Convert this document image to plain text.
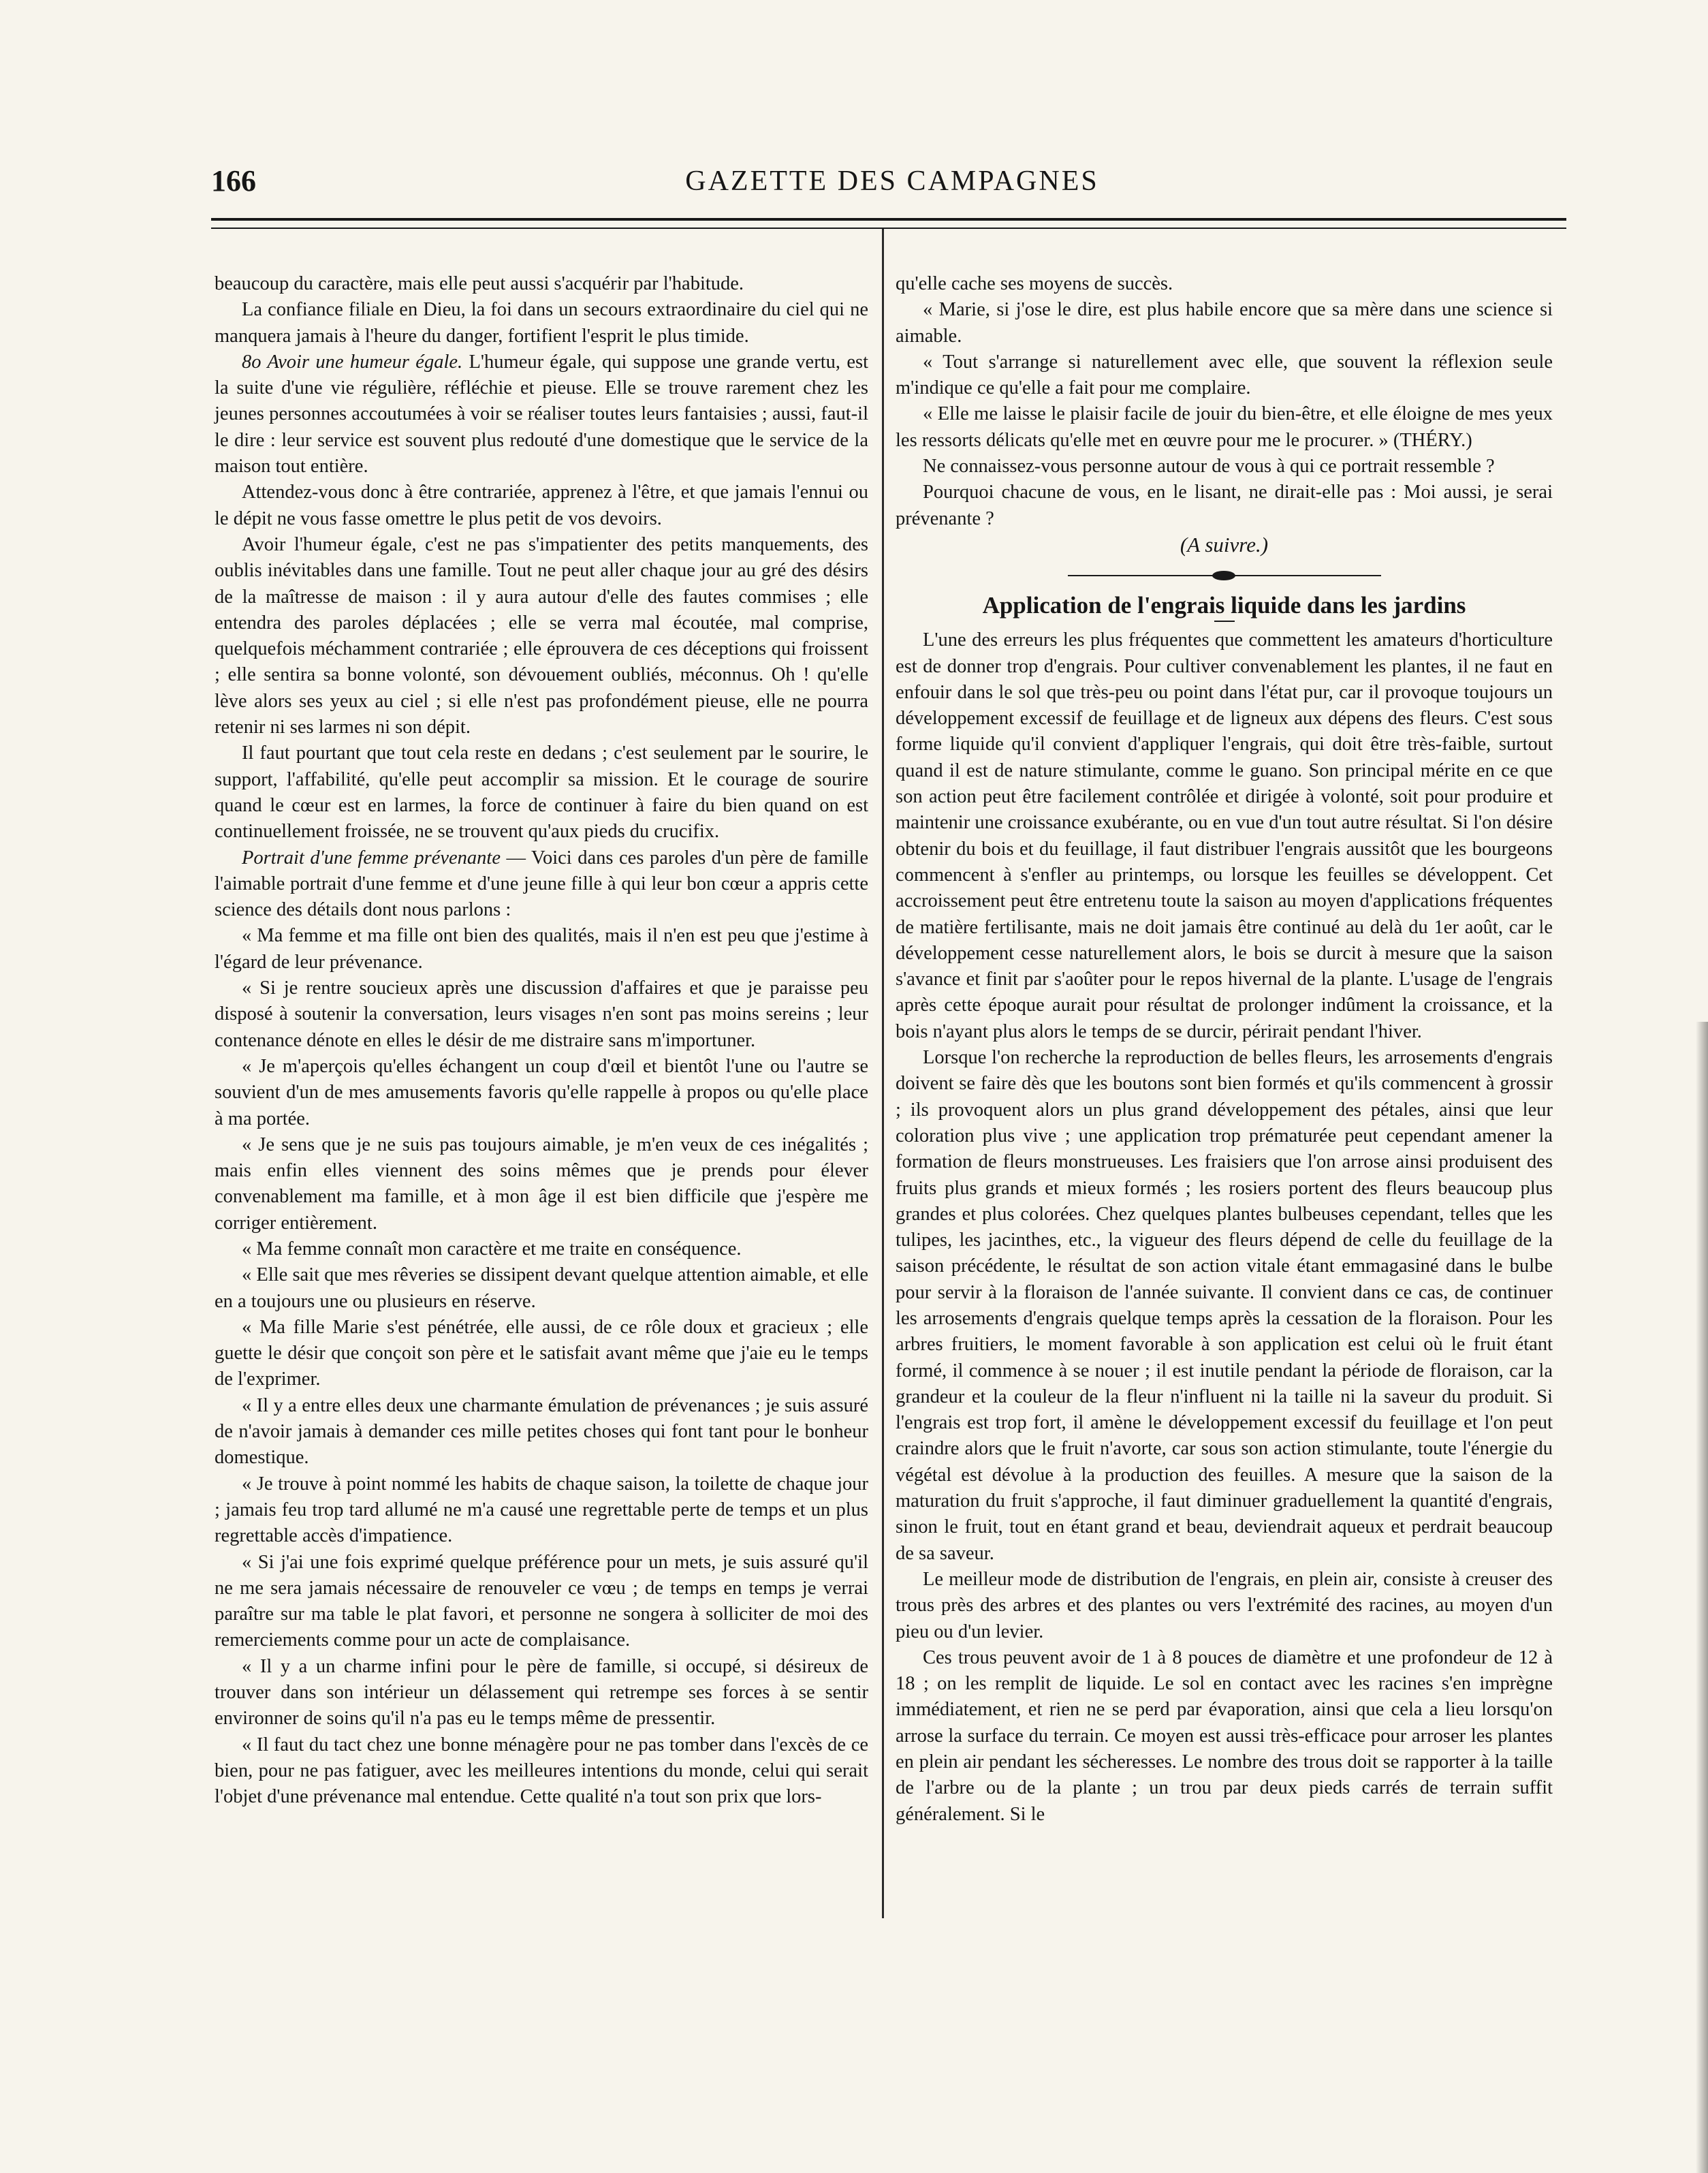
166	GAZETTE DES CAMPAGNES

beaucoup du caractère, mais elle peut aussi s'acquérir par l'habitude.

La confiance filiale en Dieu, la foi dans un secours extraordinaire du ciel qui ne manquera jamais à l'heure du danger, fortifient l'esprit le plus timide.

8o Avoir une humeur égale. L'humeur égale, qui suppose une grande vertu, est la suite d'une vie régulière, réfléchie et pieuse. Elle se trouve rarement chez les jeunes personnes accoutumées à voir se réaliser toutes leurs fantaisies ; aussi, faut-il le dire : leur service est souvent plus redouté d'une domestique que le service de la maison tout entière.

Attendez-vous donc à être contrariée, apprenez à l'être, et que jamais l'ennui ou le dépit ne vous fasse omettre le plus petit de vos devoirs.

Avoir l'humeur égale, c'est ne pas s'impatienter des petits manquements, des oublis inévitables dans une famille. Tout ne peut aller chaque jour au gré des désirs de la maîtresse de maison : il y aura autour d'elle des fautes commises ; elle entendra des paroles déplacées ; elle se verra mal écoutée, mal comprise, quelquefois méchamment contrariée ; elle éprouvera de ces déceptions qui froissent ; elle sentira sa bonne volonté, son dévouement oubliés, méconnus. Oh ! qu'elle lève alors ses yeux au ciel ; si elle n'est pas profondément pieuse, elle ne pourra retenir ni ses larmes ni son dépit.

Il faut pourtant que tout cela reste en dedans ; c'est seulement par le sourire, le support, l'affabilité, qu'elle peut accomplir sa mission. Et le courage de sourire quand le cœur est en larmes, la force de continuer à faire du bien quand on est continuellement froissée, ne se trouvent qu'aux pieds du crucifix.

Portrait d'une femme prévenante — Voici dans ces paroles d'un père de famille l'aimable portrait d'une femme et d'une jeune fille à qui leur bon cœur a appris cette science des détails dont nous parlons :

« Ma femme et ma fille ont bien des qualités, mais il n'en est peu que j'estime à l'égard de leur prévenance.

« Si je rentre soucieux après une discussion d'affaires et que je paraisse peu disposé à soutenir la conversation, leurs visages n'en sont pas moins sereins ; leur contenance dénote en elles le désir de me distraire sans m'importuner.

« Je m'aperçois qu'elles échangent un coup d'œil et bientôt l'une ou l'autre se souvient d'un de mes amusements favoris qu'elle rappelle à propos ou qu'elle place à ma portée.

« Je sens que je ne suis pas toujours aimable, je m'en veux de ces inégalités ; mais enfin elles viennent des soins mêmes que je prends pour élever convenablement ma famille, et à mon âge il est bien difficile que j'espère me corriger entièrement.

« Ma femme connaît mon caractère et me traite en conséquence.

« Elle sait que mes rêveries se dissipent devant quelque attention aimable, et elle en a toujours une ou plusieurs en réserve.

« Ma fille Marie s'est pénétrée, elle aussi, de ce rôle doux et gracieux ; elle guette le désir que conçoit son père et le satisfait avant même que j'aie eu le temps de l'exprimer.

« Il y a entre elles deux une charmante émulation de prévenances ; je suis assuré de n'avoir jamais à demander ces mille petites choses qui font tant pour le bonheur domestique.

« Je trouve à point nommé les habits de chaque saison, la toilette de chaque jour ; jamais feu trop tard allumé ne m'a causé une regrettable perte de temps et un plus regrettable accès d'impatience.

« Si j'ai une fois exprimé quelque préférence pour un mets, je suis assuré qu'il ne me sera jamais nécessaire de renouveler ce vœu ; de temps en temps je verrai paraître sur ma table le plat favori, et personne ne songera à solliciter de moi des remerciements comme pour un acte de complaisance.

« Il y a un charme infini pour le père de famille, si occupé, si désireux de trouver dans son intérieur un délassement qui retrempe ses forces à se sentir environner de soins qu'il n'a pas eu le temps même de pressentir.

« Il faut du tact chez une bonne ménagère pour ne pas tomber dans l'excès de ce bien, pour ne pas fatiguer, avec les meilleures intentions du monde, celui qui serait l'objet d'une prévenance mal entendue. Cette qualité n'a tout son prix que lors-

qu'elle cache ses moyens de succès.

« Marie, si j'ose le dire, est plus habile encore que sa mère dans une science si aimable.

« Tout s'arrange si naturellement avec elle, que souvent la réflexion seule m'indique ce qu'elle a fait pour me complaire.

« Elle me laisse le plaisir facile de jouir du bien-être, et elle éloigne de mes yeux les ressorts délicats qu'elle met en œuvre pour me le procurer. » (THÉRY.)

Ne connaissez-vous personne autour de vous à qui ce portrait ressemble ?

Pourquoi chacune de vous, en le lisant, ne dirait-elle pas : Moi aussi, je serai prévenante ?

(A suivre.)

Application de l'engrais liquide dans les jardins

L'une des erreurs les plus fréquentes que commettent les amateurs d'horticulture est de donner trop d'engrais. Pour cultiver convenablement les plantes, il ne faut en enfouir dans le sol que très-peu ou point dans l'état pur, car il provoque toujours un développement excessif de feuillage et de ligneux aux dépens des fleurs. C'est sous forme liquide qu'il convient d'appliquer l'engrais, qui doit être très-faible, surtout quand il est de nature stimulante, comme le guano. Son principal mérite en ce que son action peut être facilement contrôlée et dirigée à volonté, soit pour produire et maintenir une croissance exubérante, ou en vue d'un tout autre résultat. Si l'on désire obtenir du bois et du feuillage, il faut distribuer l'engrais aussitôt que les bourgeons commencent à s'enfler au printemps, ou lorsque les feuilles se développent. Cet accroissement peut être entretenu toute la saison au moyen d'applications fréquentes de matière fertilisante, mais ne doit jamais être continué au delà du 1er août, car le développement cesse naturellement alors, le bois se durcit à mesure que la saison s'avance et finit par s'aoûter pour le repos hivernal de la plante. L'usage de l'engrais après cette époque aurait pour résultat de prolonger indûment la croissance, et la bois n'ayant plus alors le temps de se durcir, périrait pendant l'hiver.

Lorsque l'on recherche la reproduction de belles fleurs, les arrosements d'engrais doivent se faire dès que les boutons sont bien formés et qu'ils commencent à grossir ; ils provoquent alors un plus grand développement des pétales, ainsi que leur coloration plus vive ; une application trop prématurée peut cependant amener la formation de fleurs monstrueuses. Les fraisiers que l'on arrose ainsi produisent des fruits plus grands et mieux formés ; les rosiers portent des fleurs beaucoup plus grandes et plus colorées. Chez quelques plantes bulbeuses cependant, telles que les tulipes, les jacinthes, etc., la vigueur des fleurs dépend de celle du feuillage de la saison précédente, le résultat de son action vitale étant emmagasiné dans le bulbe pour servir à la floraison de l'année suivante. Il convient dans ce cas, de continuer les arrosements d'engrais quelque temps après la cessation de la floraison. Pour les arbres fruitiers, le moment favorable à son application est celui où le fruit étant formé, il commence à se nouer ; il est inutile pendant la période de floraison, car la grandeur et la couleur de la fleur n'influent ni la taille ni la saveur du produit. Si l'engrais est trop fort, il amène le développement excessif du feuillage et l'on peut craindre alors que le fruit n'avorte, car sous son action stimulante, toute l'énergie du végétal est dévolue à la production des feuilles. A mesure que la saison de la maturation du fruit s'approche, il faut diminuer graduellement la quantité d'engrais, sinon le fruit, tout en étant grand et beau, deviendrait aqueux et perdrait beaucoup de sa saveur.

Le meilleur mode de distribution de l'engrais, en plein air, consiste à creuser des trous près des arbres et des plantes ou vers l'extrémité des racines, au moyen d'un pieu ou d'un levier.

Ces trous peuvent avoir de 1 à 8 pouces de diamètre et une profondeur de 12 à 18 ; on les remplit de liquide. Le sol en contact avec les racines s'en imprègne immédiatement, et rien ne se perd par évaporation, ainsi que cela a lieu lorsqu'on arrose la surface du terrain. Ce moyen est aussi très-efficace pour arroser les plantes en plein air pendant les sécheresses. Le nombre des trous doit se rapporter à la taille de l'arbre ou de la plante ; un trou par deux pieds carrés de terrain suffit généralement. Si le
